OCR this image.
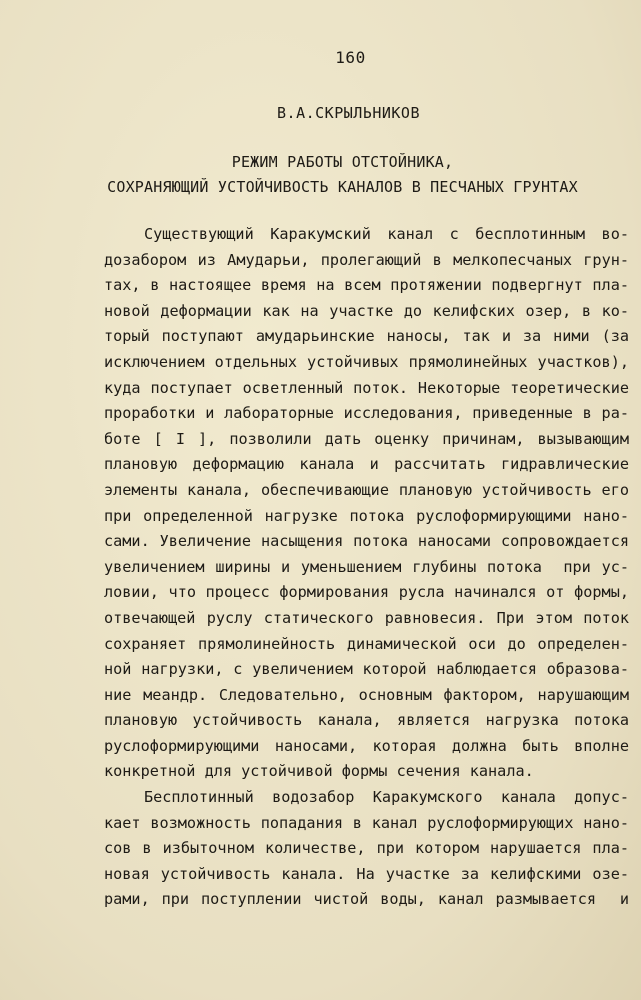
160
В.А.СКРЫЛЬНИКОВ
РЕЖИМ РАБОТЫ ОТСТОЙНИКА,
СОХРАНЯЮЩИЙ УСТОЙЧИВОСТЬ КАНАЛОВ В ПЕСЧАНЫХ ГРУНТАХ
Существующий Каракумский канал с бесплотинным во-
дозабором из Амударьи, пролегающий в мелкопесчаных грун-
тах, в настоящее время на всем протяжении подвергнут пла-
новой деформации как на участке до келифских озер, в ко-
торый поступают амударьинские наносы, так и за ними (за
исключением отдельных устойчивых прямолинейных участков),
куда поступает осветленный поток. Некоторые теоретические
проработки и лабораторные исследования, приведенные в ра-
боте [ I ], позволили дать оценку причинам, вызывающим
плановую деформацию канала и рассчитать гидравлические
элементы канала, обеспечивающие плановую устойчивость его
при определенной нагрузке потока руслоформирующими нано-
сами. Увеличение насыщения потока наносами сопровождается
увеличением ширины и уменьшением глубины потока  при ус-
ловии, что процесс формирования русла начинался от формы,
отвечающей руслу статического равновесия. При этом поток
сохраняет прямолинейность динамической оси до определен-
ной нагрузки, с увеличением которой наблюдается образова-
ние меандр. Следовательно, основным фактором, нарушающим
плановую устойчивость канала, является нагрузка потока
руслоформирующими наносами, которая должна быть вполне
конкретной для устойчивой формы сечения канала.
Бесплотинный водозабор Каракумского канала допус-
кает возможность попадания в канал руслоформирующих нано-
сов в избыточном количестве, при котором нарушается пла-
новая устойчивость канала. На участке за келифскими озе-
рами, при поступлении чистой воды, канал размывается  и
